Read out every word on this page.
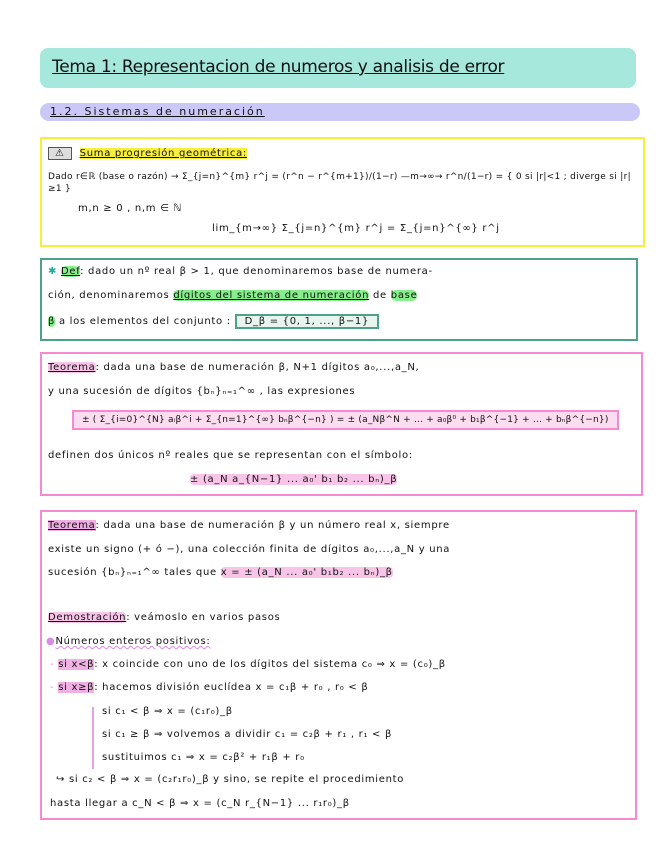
Tema 1: Representacion de numeros y analisis de error
1.2. Sistemas de numeración
⚠ Suma progresión geométrica:
Dado r∈ℝ (base o razón) → Σ_{j=n}^{m} r^j = (r^n − r^{m+1})/(1−r) —m→∞→ r^n/(1−r) = { 0 si |r|<1 ; diverge si |r|≥1 }
m,n ≥ 0 , n,m ∈ ℕ
lim_{m→∞} Σ_{j=n}^{m} r^j = Σ_{j=n}^{∞} r^j
✱ Def: dado un nº real β > 1, que denominaremos base de numera-
ción, denominaremos dígitos del sistema de numeración de base
β a los elementos del conjunto : D_β = {0, 1, ..., β−1}
Teorema: dada una base de numeración β, N+1 dígitos a₀,...,a_N,
y una sucesión de dígitos {bₙ}ₙ₌₁^∞ , las expresiones
± ( Σ_{i=0}^{N} aᵢβ^i + Σ_{n=1}^{∞} bₙβ^{−n} ) = ± (a_Nβ^N + ... + a₀β⁰ + b₁β^{−1} + ... + bₙβ^{−n})
definen dos únicos nº reales que se representan con el símbolo:
± (a_N a_{N−1} ... a₀' b₁ b₂ ... bₙ)_β
Teorema: dada una base de numeración β y un número real x, siempre
existe un signo (+ ó −), una colección finita de dígitos a₀,...,a_N y una
sucesión {bₙ}ₙ₌₁^∞ tales que x = ± (a_N ... a₀' b₁b₂ ... bₙ)_β
Demostración: veámoslo en varios pasos
●Números enteros positivos:
- si x<β: x coincide con uno de los dígitos del sistema c₀ ⇒ x = (c₀)_β
- si x≥β: hacemos división euclídea x = c₁β + r₀ , r₀ < β
si c₁ < β ⇒ x = (c₁r₀)_β
si c₁ ≥ β ⇒ volvemos a dividir c₁ = c₂β + r₁ , r₁ < β
sustituimos c₁ ⇒ x = c₂β² + r₁β + r₀
↪ si c₂ < β ⇒ x = (c₂r₁r₀)_β y sino, se repite el procedimiento
hasta llegar a c_N < β ⇒ x = (c_N r_{N−1} ... r₁r₀)_β
